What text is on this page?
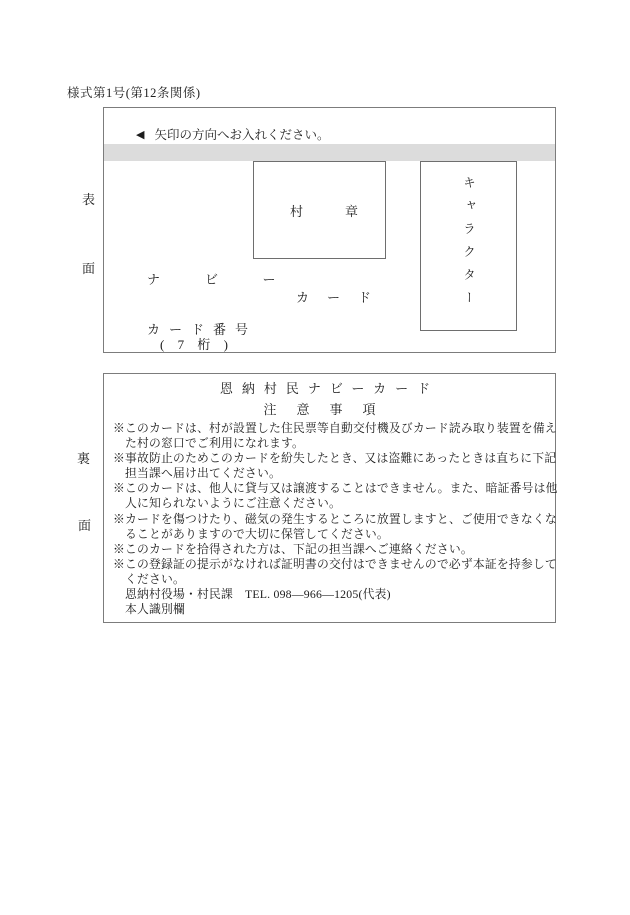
様式第1号(第12条関係)
表
面
◀ 矢印の方向へお入れください。
村章	キャラクター
ナビー
カード
カード番号
( 7 桁 )
裏
面
恩納村民ナビーカード
注意事項
※このカードは、村が設置した住民票等自動交付機及びカード読み取り装置を備え
　た村の窓口でご利用になれます。
※事故防止のためこのカードを紛失したとき、又は盗難にあったときは直ちに下記
　担当課へ届け出てください。
※このカードは、他人に貸与又は譲渡することはできません。また、暗証番号は他
　人に知られないようにご注意ください。
※カードを傷つけたり、磁気の発生するところに放置しますと、ご使用できなくな
　ることがありますので大切に保管してください。
※このカードを拾得された方は、下記の担当課へご連絡ください。
※この登録証の提示がなければ証明書の交付はできませんので必ず本証を持参して
　ください。
　恩納村役場・村民課　TEL. 098―966―1205(代表)
　本人識別欄
